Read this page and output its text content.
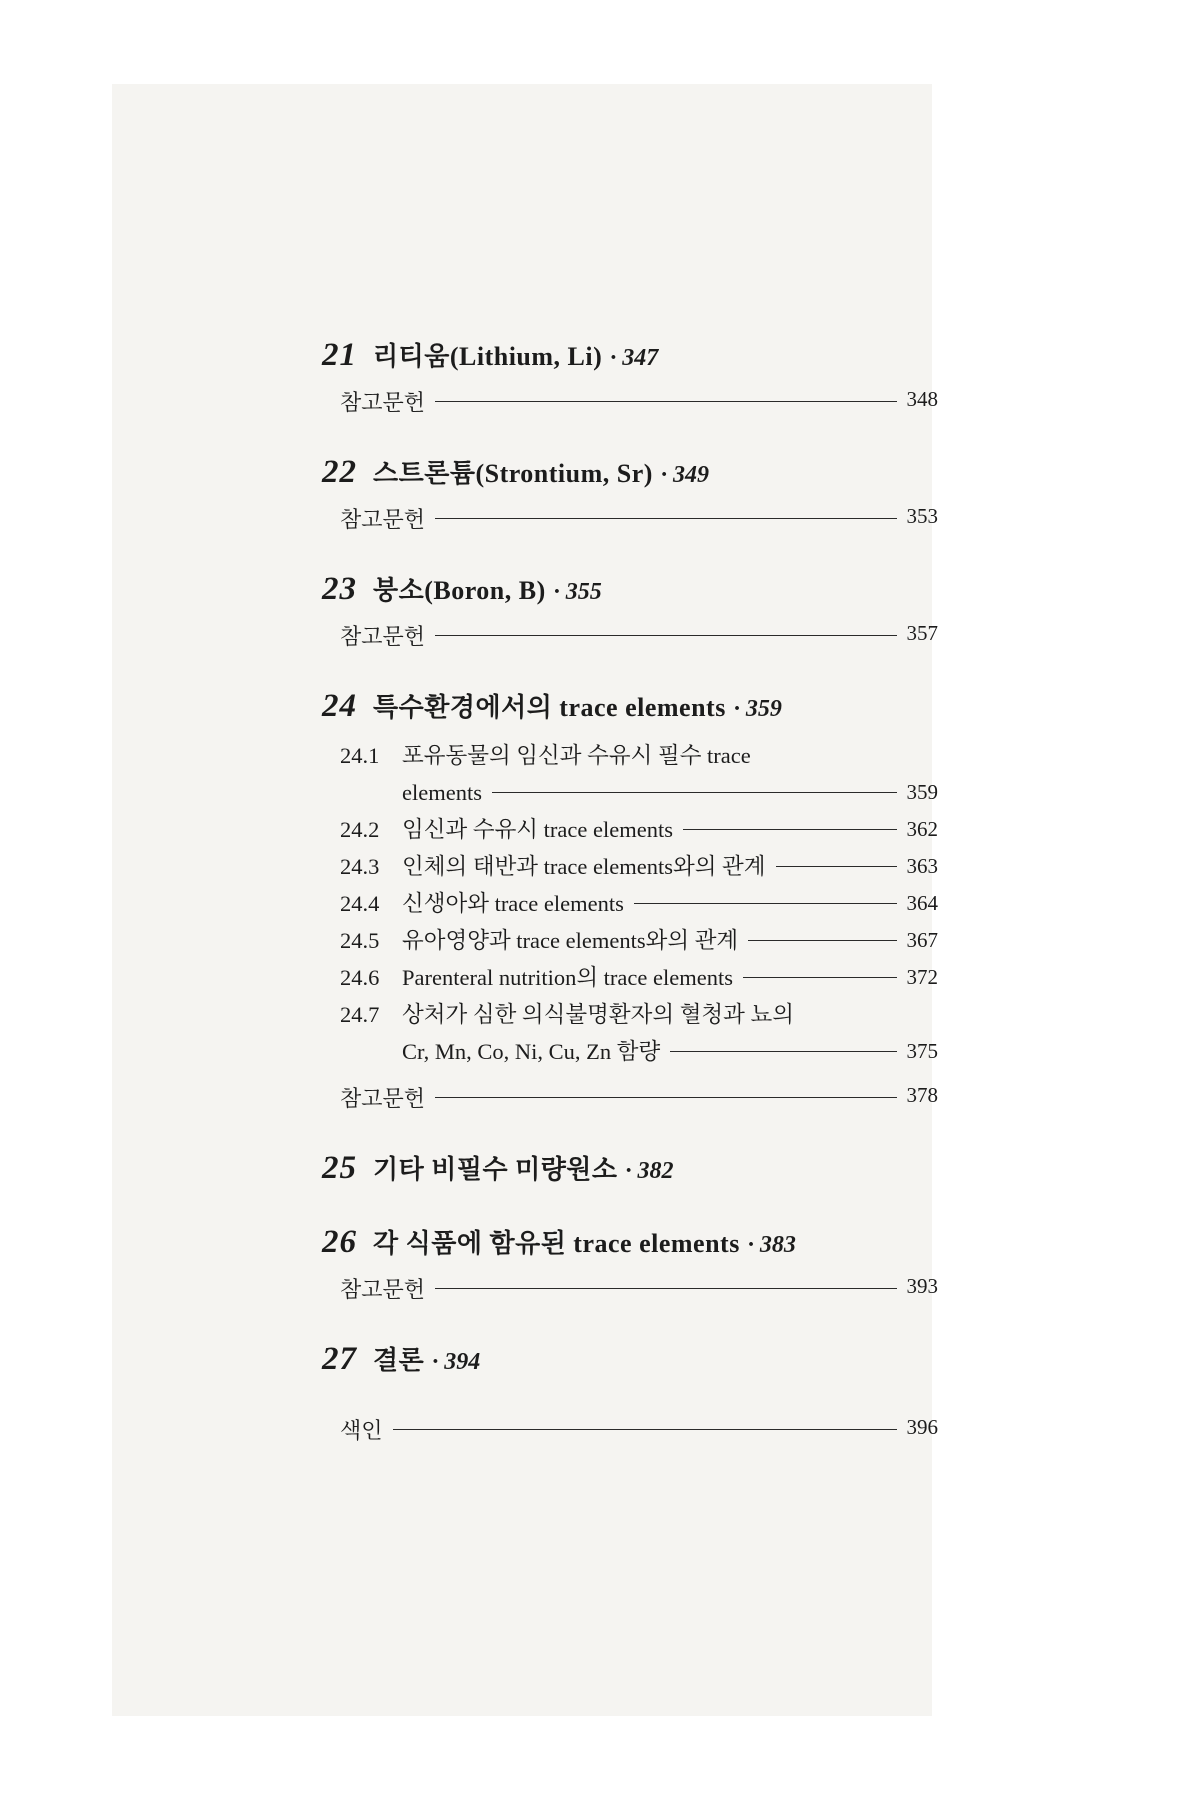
21 리티움(Lithium, Li) · 347
참고문헌	348
22 스트론튬(Strontium, Sr) · 349
참고문헌	353
23 붕소(Boron, B) · 355
참고문헌	357
24 특수환경에서의 trace elements · 359
24.1	포유동물의 임신과 수유시 필수 trace
elements	359
24.2	임신과 수유시 trace elements	362
24.3	인체의 태반과 trace elements와의 관계	363
24.4	신생아와 trace elements	364
24.5	유아영양과 trace elements와의 관계	367
24.6	Parenteral nutrition의 trace elements	372
24.7	상처가 심한 의식불명환자의 혈청과 뇨의
Cr, Mn, Co, Ni, Cu, Zn 함량	375
참고문헌	378
25 기타 비필수 미량원소 · 382
26 각 식품에 함유된 trace elements · 383
참고문헌	393
27 결론 · 394
색인	396
